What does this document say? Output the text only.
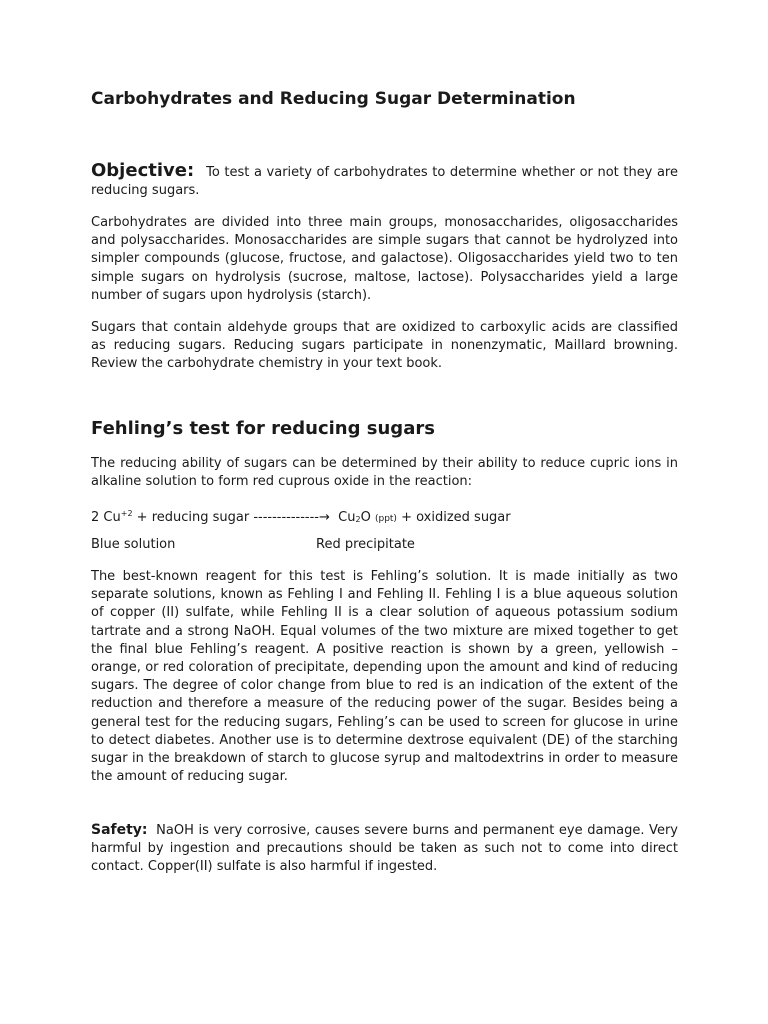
Carbohydrates and Reducing Sugar Determination

Objective: To test a variety of carbohydrates to determine whether or not they are reducing sugars.

Carbohydrates are divided into three main groups, monosaccharides, oligosaccharides and polysaccharides. Monosaccharides are simple sugars that cannot be hydrolyzed into simpler compounds (glucose, fructose, and galactose). Oligosaccharides yield two to ten simple sugars on hydrolysis (sucrose, maltose, lactose). Polysaccharides yield a large number of sugars upon hydrolysis (starch).

Sugars that contain aldehyde groups that are oxidized to carboxylic acids are classified as reducing sugars. Reducing sugars participate in nonenzymatic, Maillard browning. Review the carbohydrate chemistry in your text book.

Fehling’s test for reducing sugars

The reducing ability of sugars can be determined by their ability to reduce cupric ions in alkaline solution to form red cuprous oxide in the reaction:

2 $Cu^{+2}$ + reducing sugar --------------→ Cu2O (ppt) + oxidized sugar
Blue solution	Red precipitate

The best-known reagent for this test is Fehling’s solution. It is made initially as two separate solutions, known as Fehling I and Fehling II. Fehling I is a blue aqueous solution of copper (II) sulfate, while Fehling II is a clear solution of aqueous potassium sodium tartrate and a strong NaOH. Equal volumes of the two mixture are mixed together to get the final blue Fehling’s reagent. A positive reaction is shown by a green, yellowish – orange, or red coloration of precipitate, depending upon the amount and kind of reducing sugars. The degree of color change from blue to red is an indication of the extent of the reduction and therefore a measure of the reducing power of the sugar. Besides being a general test for the reducing sugars, Fehling’s can be used to screen for glucose in urine to detect diabetes. Another use is to determine dextrose equivalent (DE) of the starching sugar in the breakdown of starch to glucose syrup and maltodextrins in order to measure the amount of reducing sugar.

Safety: NaOH is very corrosive, causes severe burns and permanent eye damage. Very harmful by ingestion and precautions should be taken as such not to come into direct contact. Copper(II) sulfate is also harmful if ingested.
